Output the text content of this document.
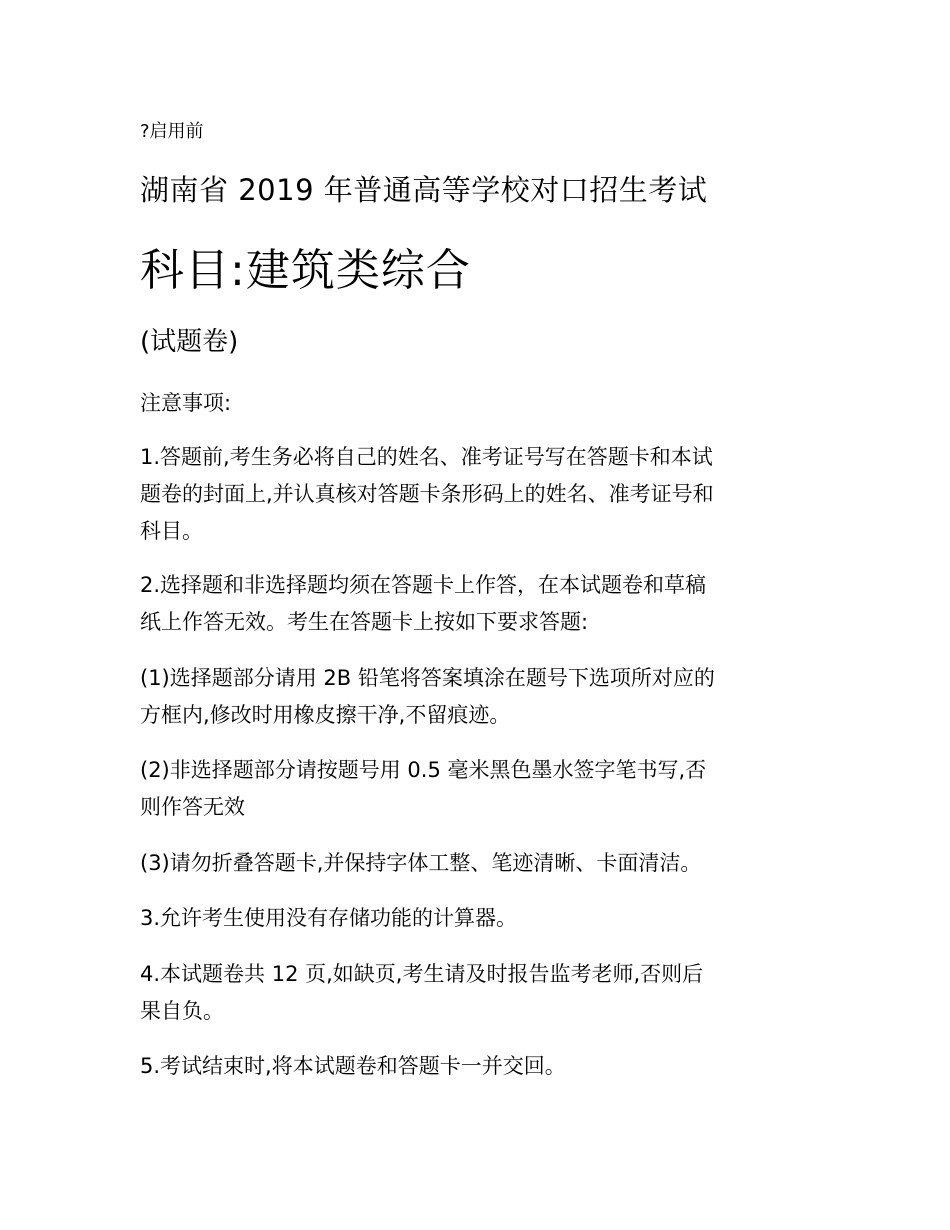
?启用前

湖南省 2019 年普通高等学校对口招生考试
科目:建筑类综合

(试题卷)

注意事项:

1.答题前,考生务必将自己的姓名、准考证号写在答题卡和本试
题卷的封面上,并认真核对答题卡条形码上的姓名、准考证号和
科目。
2.选择题和非选择题均须在答题卡上作答，在本试题卷和草稿
纸上作答无效。考生在答题卡上按如下要求答题:
(1)选择题部分请用 2B 铅笔将答案填涂在题号下选项所对应的
方框内,修改时用橡皮擦干净,不留痕迹。
(2)非选择题部分请按题号用 0.5 毫米黑色墨水签字笔书写,否
则作答无效
(3)请勿折叠答题卡,并保持字体工整、笔迹清晰、卡面清洁。
3.允许考生使用没有存储功能的计算器。
4.本试题卷共 12 页,如缺页,考生请及时报告监考老师,否则后
果自负。
5.考试结束时,将本试题卷和答题卡一并交回。
